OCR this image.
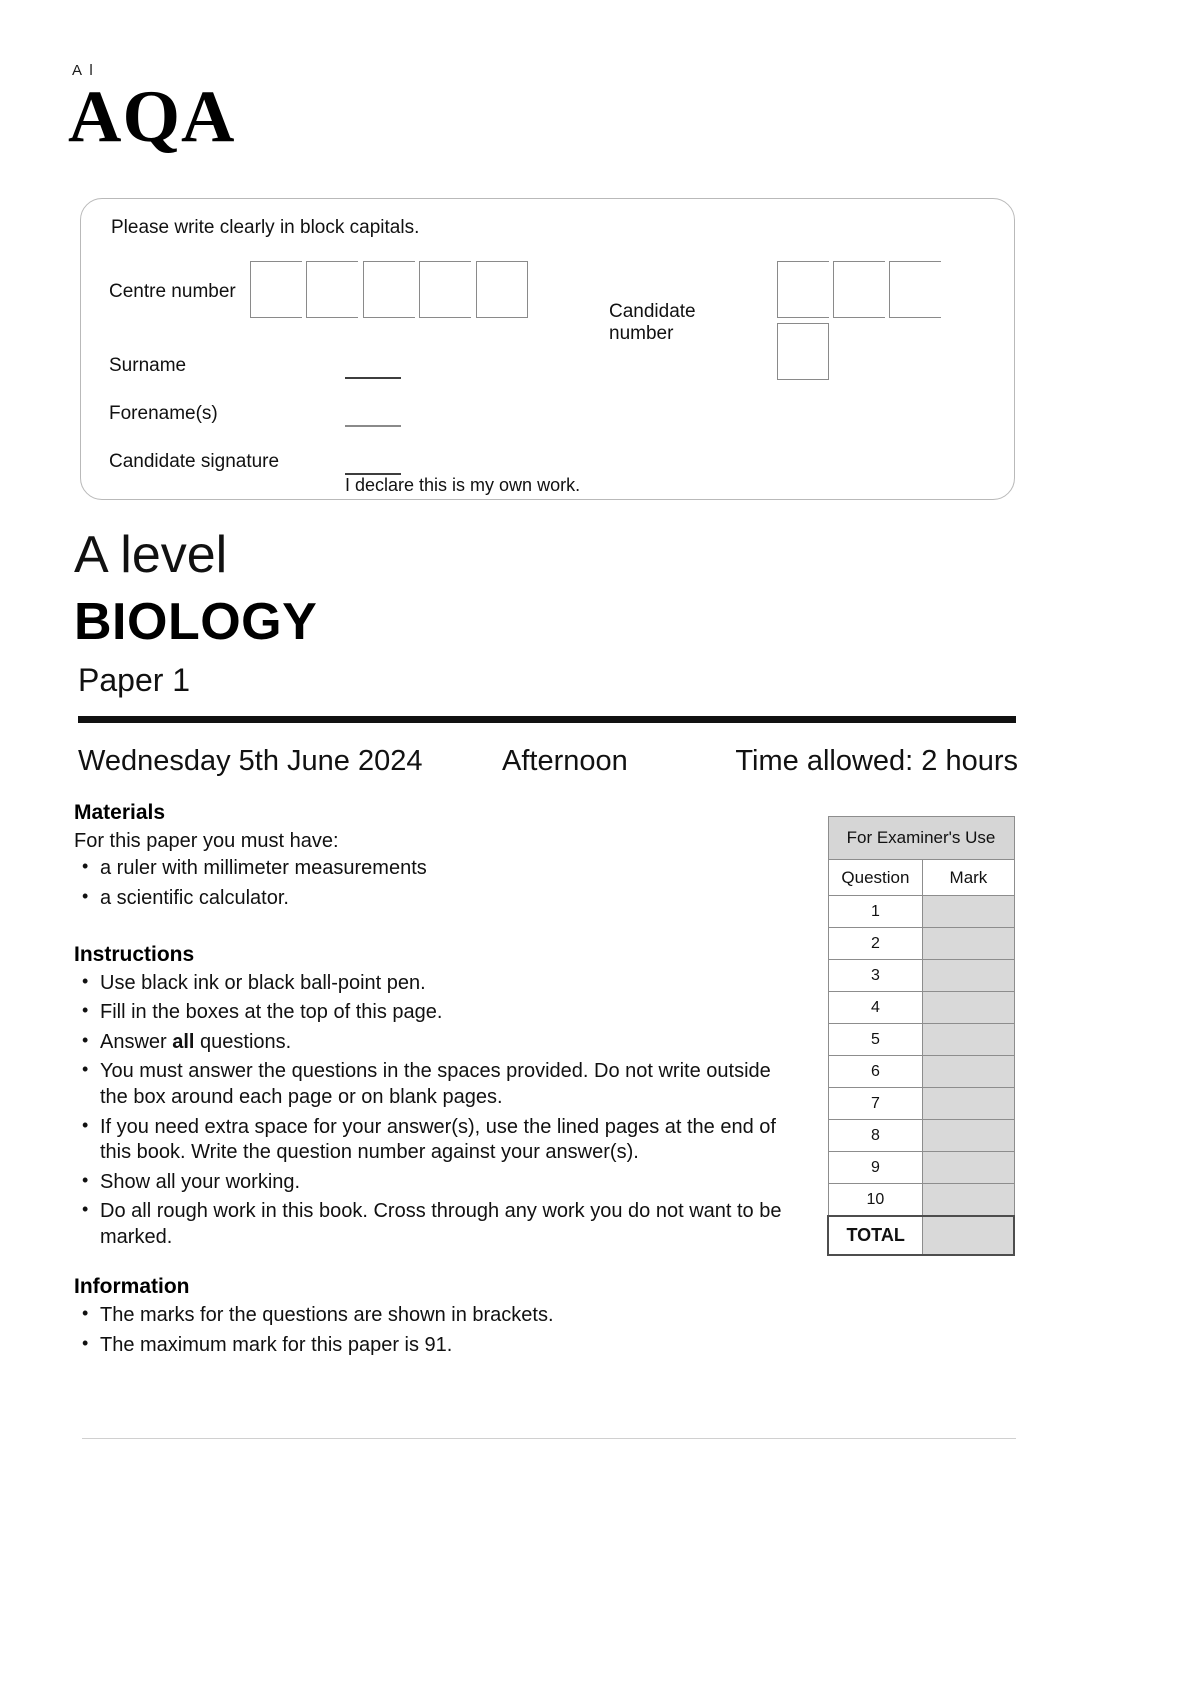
A l
AQA
Please write clearly in block capitals.
Centre number

Candidate number

Surname
Forename(s)
Candidate signature
I declare this is my own work.
A level
BIOLOGY
Paper 1
Wednesday 5th June 2024	Afternoon	Time allowed: 2 hours
Materials
For this paper you must have:
• a ruler with millimeter measurements
• a scientific calculator.
Instructions
• Use black ink or black ball-point pen.
• Fill in the boxes at the top of this page.
• Answer all questions.
• You must answer the questions in the spaces provided. Do not write outside the box around each page or on blank pages.
• If you need extra space for your answer(s), use the lined pages at the end of this book. Write the question number against your answer(s).
• Show all your working.
• Do all rough work in this book. Cross through any work you do not want to be marked.
Information
• The marks for the questions are shown in brackets.
• The maximum mark for this paper is 91.
For Examiner's Use	
Question	Mark
1	
2	
3	
4	
5	
6	
7	
8	
9	
10	
TOTAL	
